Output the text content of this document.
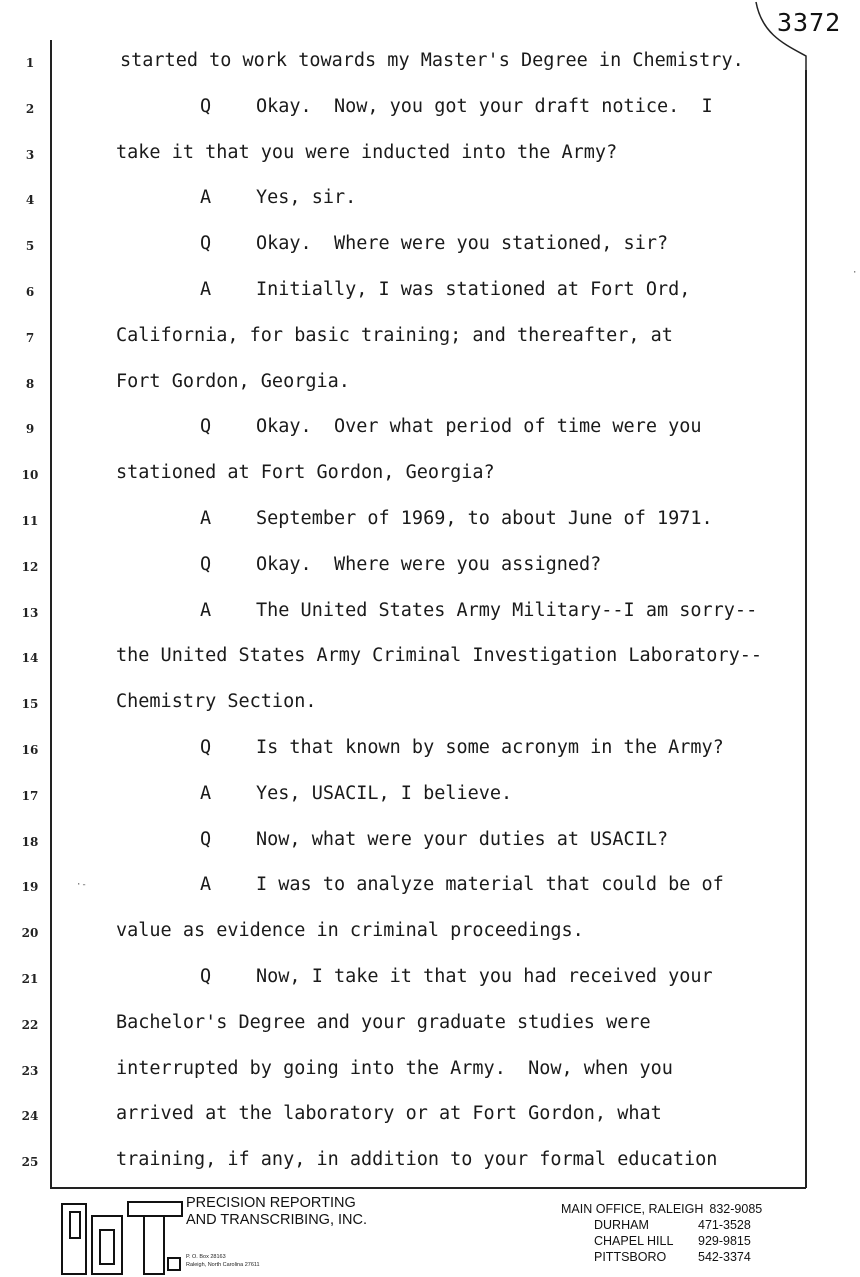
3372
1	started to work towards my Master's Degree in Chemistry.
2	Q Okay.  Now, you got your draft notice.  I
3	take it that you were inducted into the Army?
4	A Yes, sir.
5	Q Okay.  Where were you stationed, sir?
6	A Initially, I was stationed at Fort Ord,
7	California, for basic training; and thereafter, at
8	Fort Gordon, Georgia.
9	Q Okay.  Over what period of time were you
10	stationed at Fort Gordon, Georgia?
11	A September of 1969, to about June of 1971.
12	Q Okay.  Where were you assigned?
13	A The United States Army Military--I am sorry--
14	the United States Army Criminal Investigation Laboratory--
15	Chemistry Section.
16	Q Is that known by some acronym in the Army?
17	A Yes, USACIL, I believe.
18	Q Now, what were your duties at USACIL?
19	A I was to analyze material that could be of
20	value as evidence in criminal proceedings.
21	Q Now, I take it that you had received your
22	Bachelor's Degree and your graduate studies were
23	interrupted by going into the Army.  Now, when you
24	arrived at the laboratory or at Fort Gordon, what
25	training, if any, in addition to your formal education
·
·-
PRECISION REPORTING
AND TRANSCRIBING, INC.
P. O. Box 28163
Raleigh, North Carolina 27611
MAIN OFFICE, RALEIGH 832-9085
DURHAM	471-3528
CHAPEL HILL	929-9815
PITTSBORO	542-3374
